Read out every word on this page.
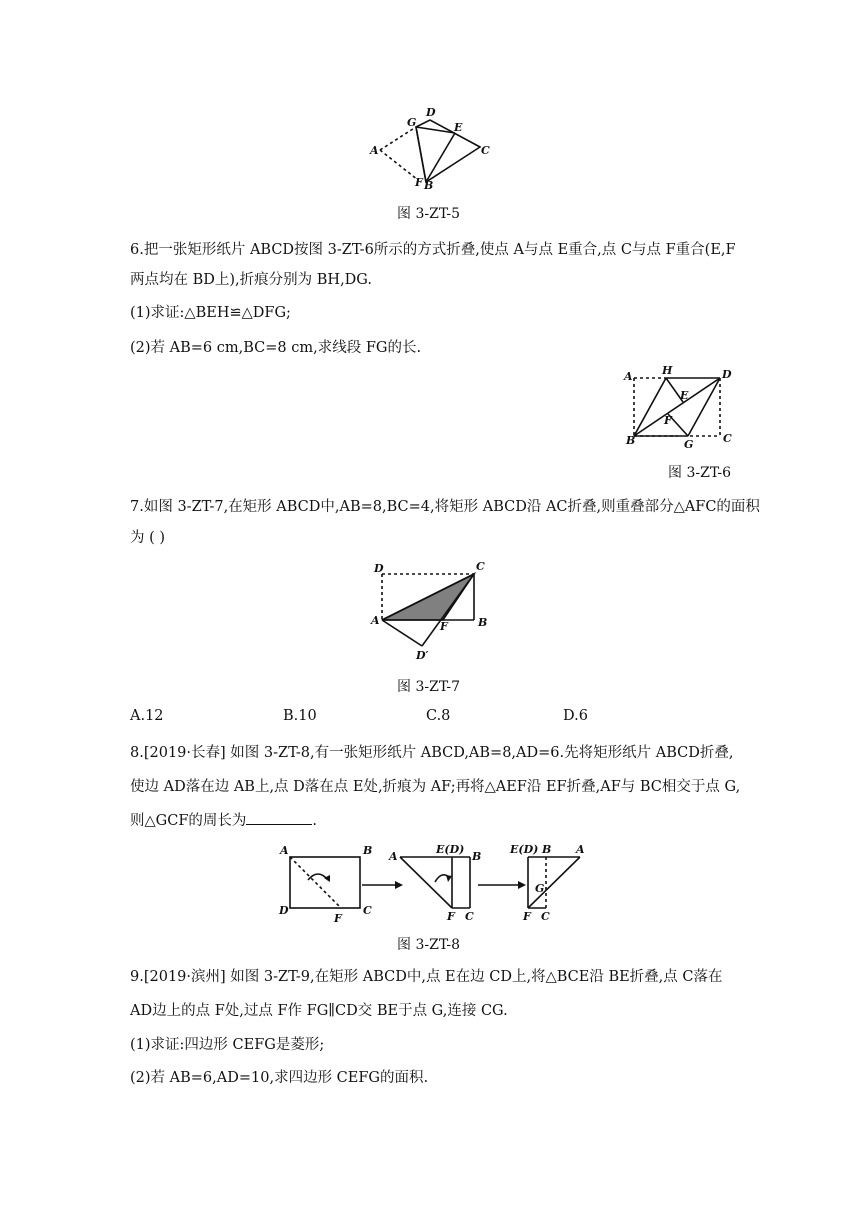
A
G
D
E
C
F B
图 3-ZT-5
6.把一张矩形纸片 ABCD按图 3-ZT-6所示的方式折叠,使点 A与点 E重合,点 C与点 F重合(E,F
两点均在 BD上),折痕分别为 BH,DG.
(1)求证:△BEH≌△DFG;
(2)若 AB=6 cm,BC=8 cm,求线段 FG的长.
A	H	D
E
F
B	G	C
图 3-ZT-6
7.如图 3-ZT-7,在矩形 ABCD中,AB=8,BC=4,将矩形 ABCD沿 AC折叠,则重叠部分△AFC的面积
为 ( )
D	C
A	F	B
D′
图 3-ZT-7
A.12	B.10	C.8	D.6
8.[2019·长春] 如图 3-ZT-8,有一张矩形纸片 ABCD,AB=8,AD=6.先将矩形纸片 ABCD折叠,
使边 AD落在边 AB上,点 D落在点 E处,折痕为 AF;再将△AEF沿 EF折叠,AF与 BC相交于点 G,
则△GCF的周长为	.
A	B
D
F
C
A
E(D)
B
F C
E(D) B A
G
F C
图 3-ZT-8
9.[2019·滨州] 如图 3-ZT-9,在矩形 ABCD中,点 E在边 CD上,将△BCE沿 BE折叠,点 C落在
AD边上的点 F处,过点 F作 FG∥CD交 BE于点 G,连接 CG.
(1)求证:四边形 CEFG是菱形;
(2)若 AB=6,AD=10,求四边形 CEFG的面积.
